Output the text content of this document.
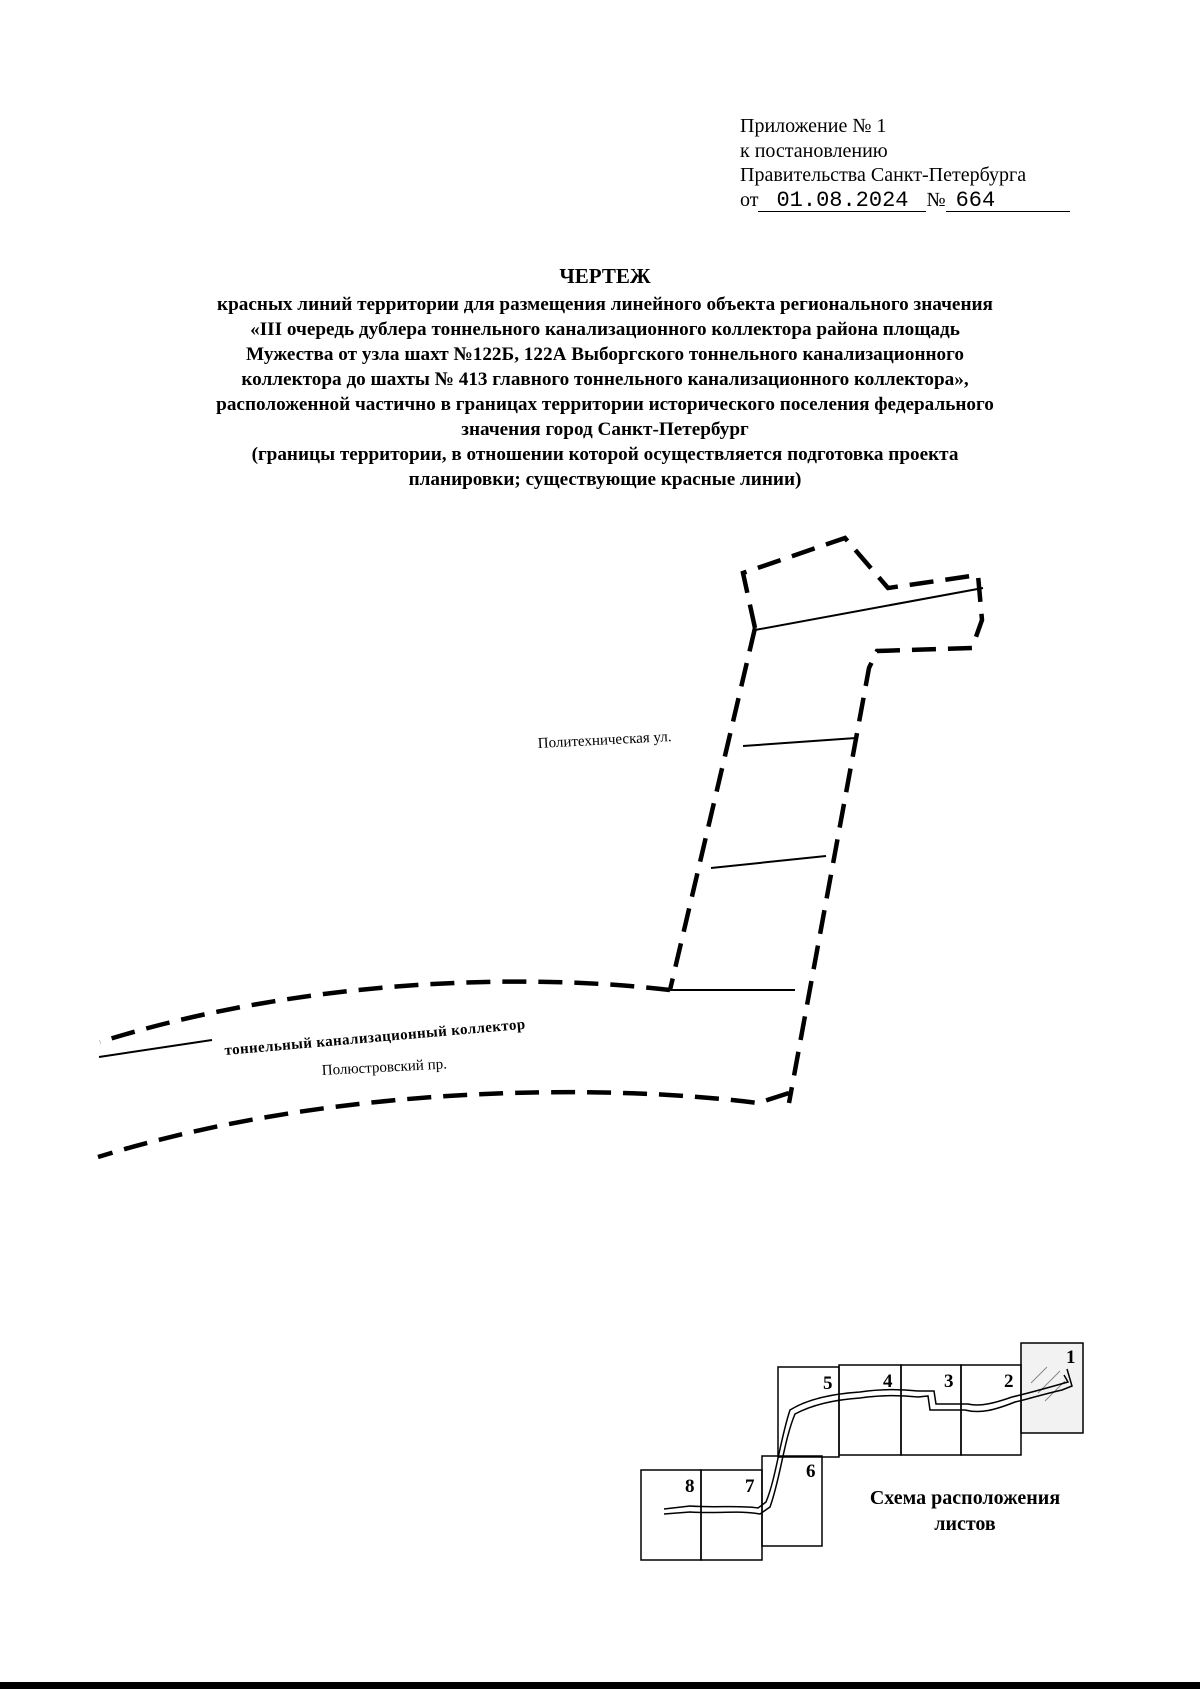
Приложение № 1
к постановлению
Правительства Санкт-Петербурга
от 01.08.2024 № 664
ЧЕРТЕЖ
красных линий территории для размещения линейного объекта регионального значения
«III очередь дублера тоннельного канализационного коллектора района площадь
Мужества от узла шахт №122Б, 122А Выборгского тоннельного канализационного
коллектора до шахты № 413 главного тоннельного канализационного коллектора»,
расположенной частично в границах территории исторического поселения федерального
значения город Санкт-Петербург
(границы территории, в отношении которой осуществляется подготовка проекта
планировки; существующие красные линии)
Политехническая ул.
тоннельный канализационный коллектор
Полюстровский пр.
1
2
3
4
5
6
7
8
Схема расположения
листов
